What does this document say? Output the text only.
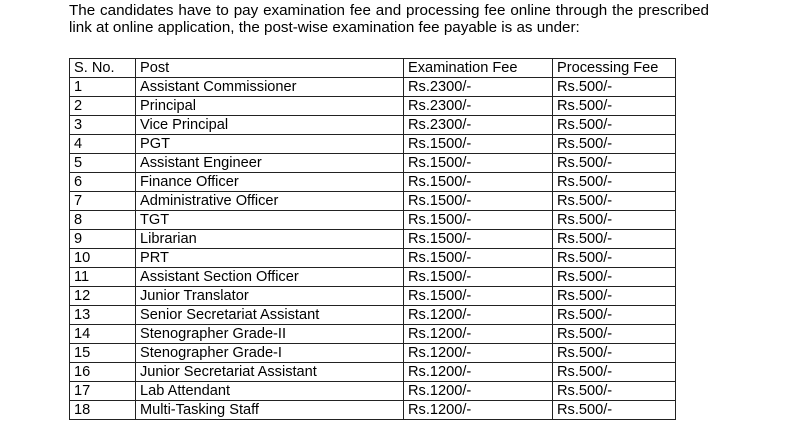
The candidates have to pay examination fee and processing fee online through the prescribed link at online application, the post-wise examination fee payable is as under:

S. No.	Post	Examination Fee	Processing Fee
1	Assistant Commissioner	Rs.2300/-	Rs.500/-
2	Principal	Rs.2300/-	Rs.500/-
3	Vice Principal	Rs.2300/-	Rs.500/-
4	PGT	Rs.1500/-	Rs.500/-
5	Assistant Engineer	Rs.1500/-	Rs.500/-
6	Finance Officer	Rs.1500/-	Rs.500/-
7	Administrative Officer	Rs.1500/-	Rs.500/-
8	TGT	Rs.1500/-	Rs.500/-
9	Librarian	Rs.1500/-	Rs.500/-
10	PRT	Rs.1500/-	Rs.500/-
11	Assistant Section Officer	Rs.1500/-	Rs.500/-
12	Junior Translator	Rs.1500/-	Rs.500/-
13	Senior Secretariat Assistant	Rs.1200/-	Rs.500/-
14	Stenographer Grade-II	Rs.1200/-	Rs.500/-
15	Stenographer Grade-I	Rs.1200/-	Rs.500/-
16	Junior Secretariat Assistant	Rs.1200/-	Rs.500/-
17	Lab Attendant	Rs.1200/-	Rs.500/-
18	Multi-Tasking Staff	Rs.1200/-	Rs.500/-
